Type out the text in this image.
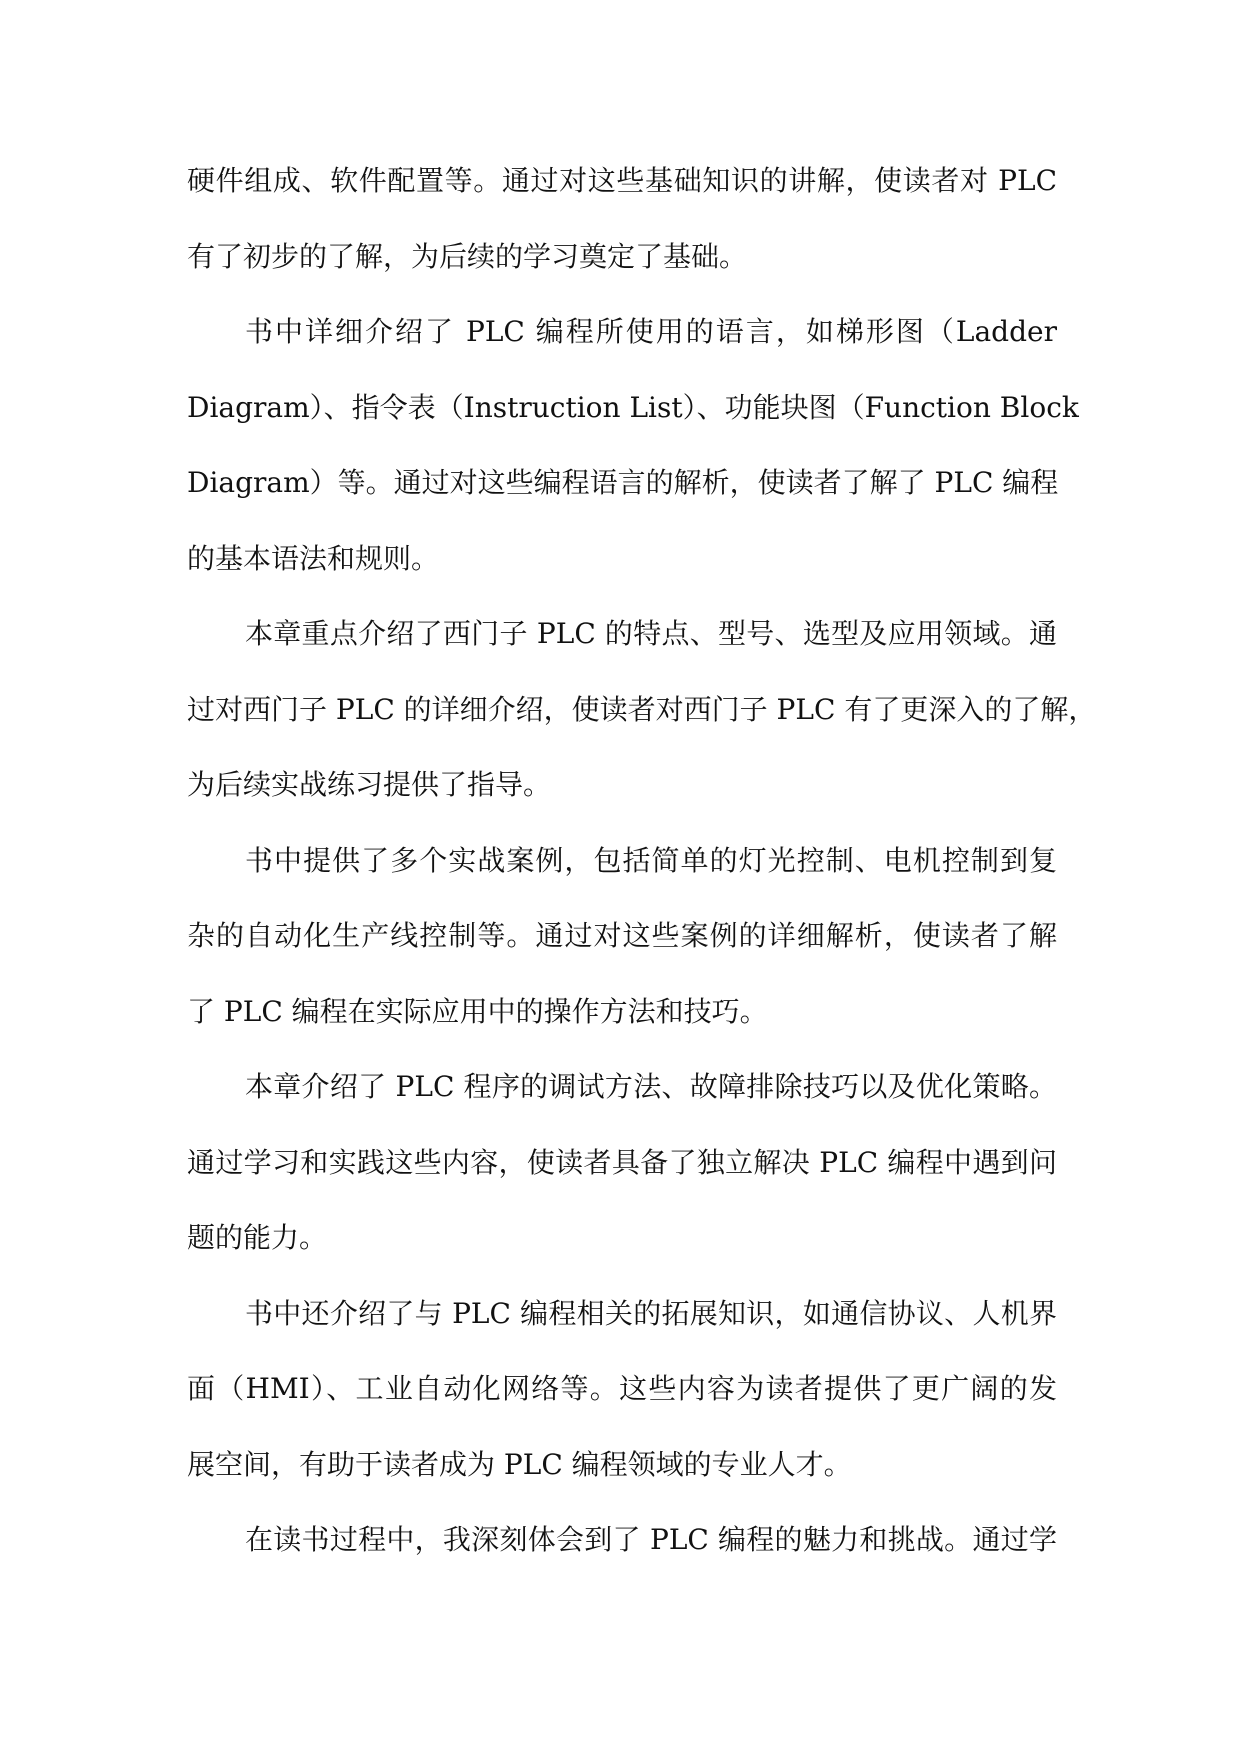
硬件组成、软件配置等。通过对这些基础知识的讲解，使读者对 PLC
有了初步的了解，为后续的学习奠定了基础。
书中详细介绍了 PLC 编程所使用的语言，如梯形图（Ladder
Diagram）、指令表（Instruction List）、功能块图（Function Block
Diagram）等。通过对这些编程语言的解析，使读者了解了 PLC 编程
的基本语法和规则。
本章重点介绍了西门子 PLC 的特点、型号、选型及应用领域。通
过对西门子 PLC 的详细介绍，使读者对西门子 PLC 有了更深入的了解，
为后续实战练习提供了指导。
书中提供了多个实战案例，包括简单的灯光控制、电机控制到复
杂的自动化生产线控制等。通过对这些案例的详细解析，使读者了解
了 PLC 编程在实际应用中的操作方法和技巧。
本章介绍了 PLC 程序的调试方法、故障排除技巧以及优化策略。
通过学习和实践这些内容，使读者具备了独立解决 PLC 编程中遇到问
题的能力。
书中还介绍了与 PLC 编程相关的拓展知识，如通信协议、人机界
面（HMI）、工业自动化网络等。这些内容为读者提供了更广阔的发
展空间，有助于读者成为 PLC 编程领域的专业人才。
在读书过程中，我深刻体会到了 PLC 编程的魅力和挑战。通过学
